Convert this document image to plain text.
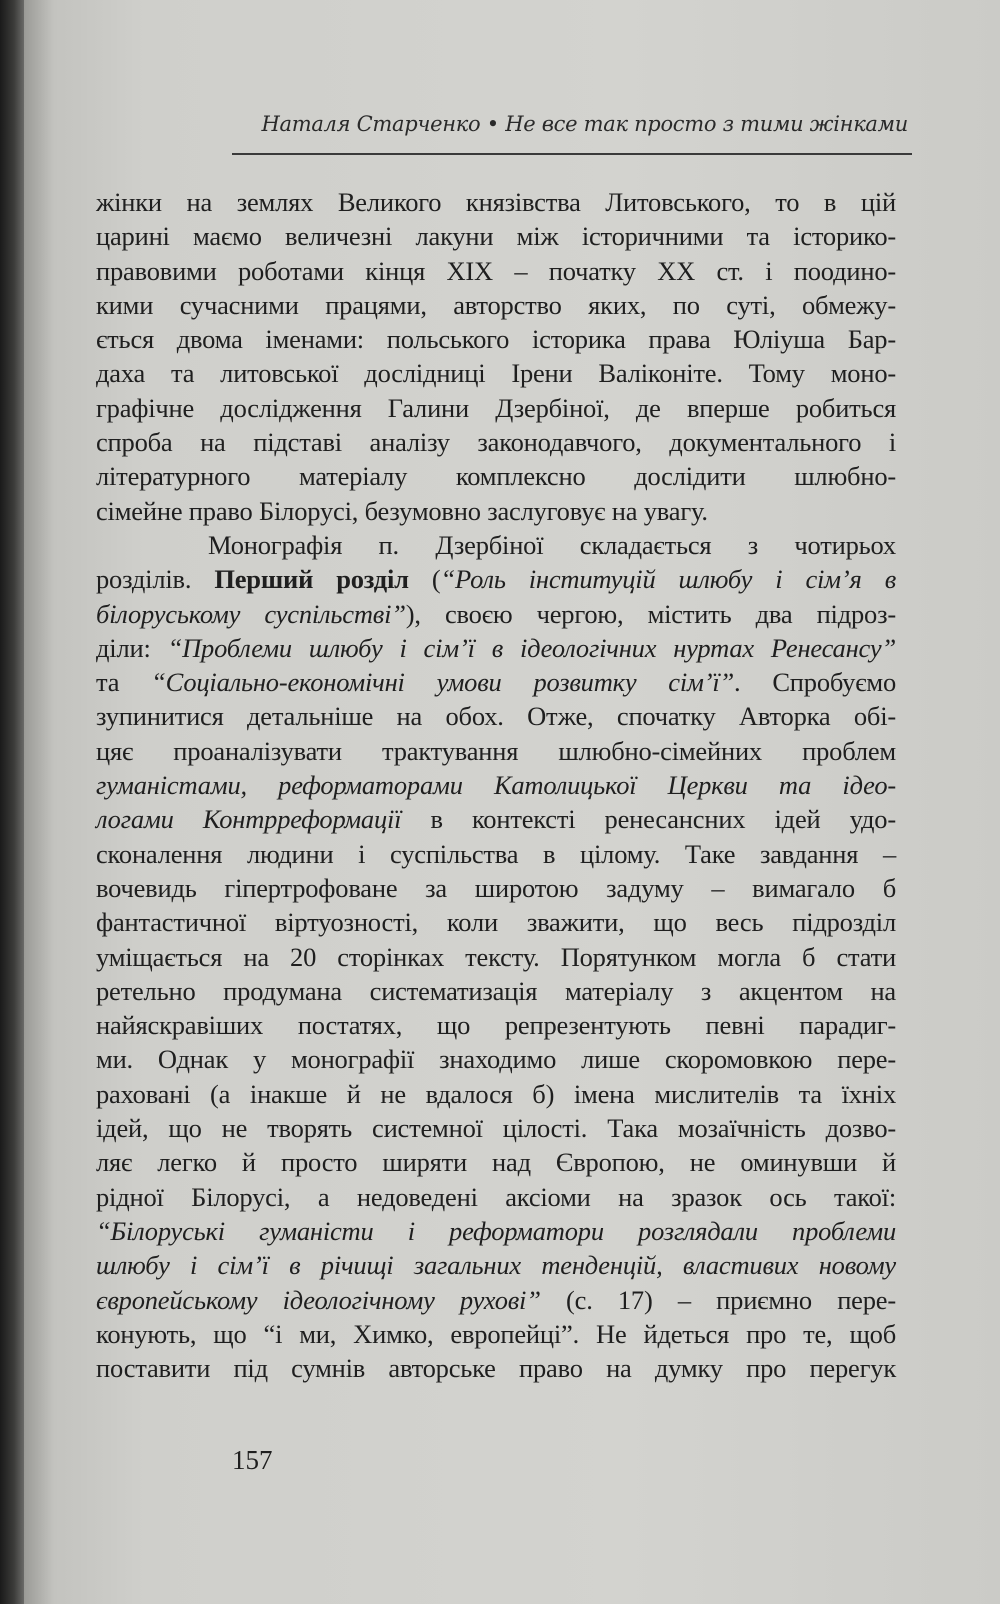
Наталя Старченко • Не все так просто з тими жінками
жінки на землях Великого князівства Литовського, то в цій
царині маємо величезні лакуни між історичними та історико-
правовими роботами кінця XIX – початку XX ст. і поодино-
кими сучасними працями, авторство яких, по суті, обмежу-
ється двома іменами: польського історика права Юліуша Бар-
даха та литовської дослідниці Ірени Валіконіте. Тому моно-
графічне дослідження Галини Дзербіної, де вперше робиться
спроба на підставі аналізу законодавчого, документального і
літературного матеріалу комплексно дослідити шлюбно-
сімейне право Білорусі, безумовно заслуговує на увагу.
Монографія п. Дзербіної складається з чотирьох
розділів. Перший розділ (“Роль інституцій шлюбу і сім’я в
білоруському суспільстві”), своєю чергою, містить два підроз-
діли: “Проблеми шлюбу і сім’ї в ідеологічних нуртах Ренесансу”
та “Соціально-економічні умови розвитку сім’ї”. Спробуємо
зупинитися детальніше на обох. Отже, спочатку Авторка обі-
цяє проаналізувати трактування шлюбно-сімейних проблем
гуманістами, реформаторами Католицької Церкви та ідео-
логами Контрреформації в контексті ренесансних ідей удо-
сконалення людини і суспільства в цілому. Таке завдання –
вочевидь гіпертрофоване за широтою задуму – вимагало б
фантастичної віртуозності, коли зважити, що весь підрозділ
уміщається на 20 сторінках тексту. Порятунком могла б стати
ретельно продумана систематизація матеріалу з акцентом на
найяскравіших постатях, що репрезентують певні парадиг-
ми. Однак у монографії знаходимо лише скоромовкою пере-
раховані (а інакше й не вдалося б) імена мислителів та їхніх
ідей, що не творять системної цілості. Така мозаїчність дозво-
ляє легко й просто ширяти над Європою, не оминувши й
рідної Білорусі, а недоведені аксіоми на зразок ось такої:
“Білоруські гуманісти і реформатори розглядали проблеми
шлюбу і сім’ї в річищі загальних тенденцій, властивих новому
європейському ідеологічному рухові” (с. 17) – приємно пере-
конують, що “і ми, Химко, европейці”. Не йдеться про те, щоб
поставити під сумнів авторське право на думку про перегук
157
